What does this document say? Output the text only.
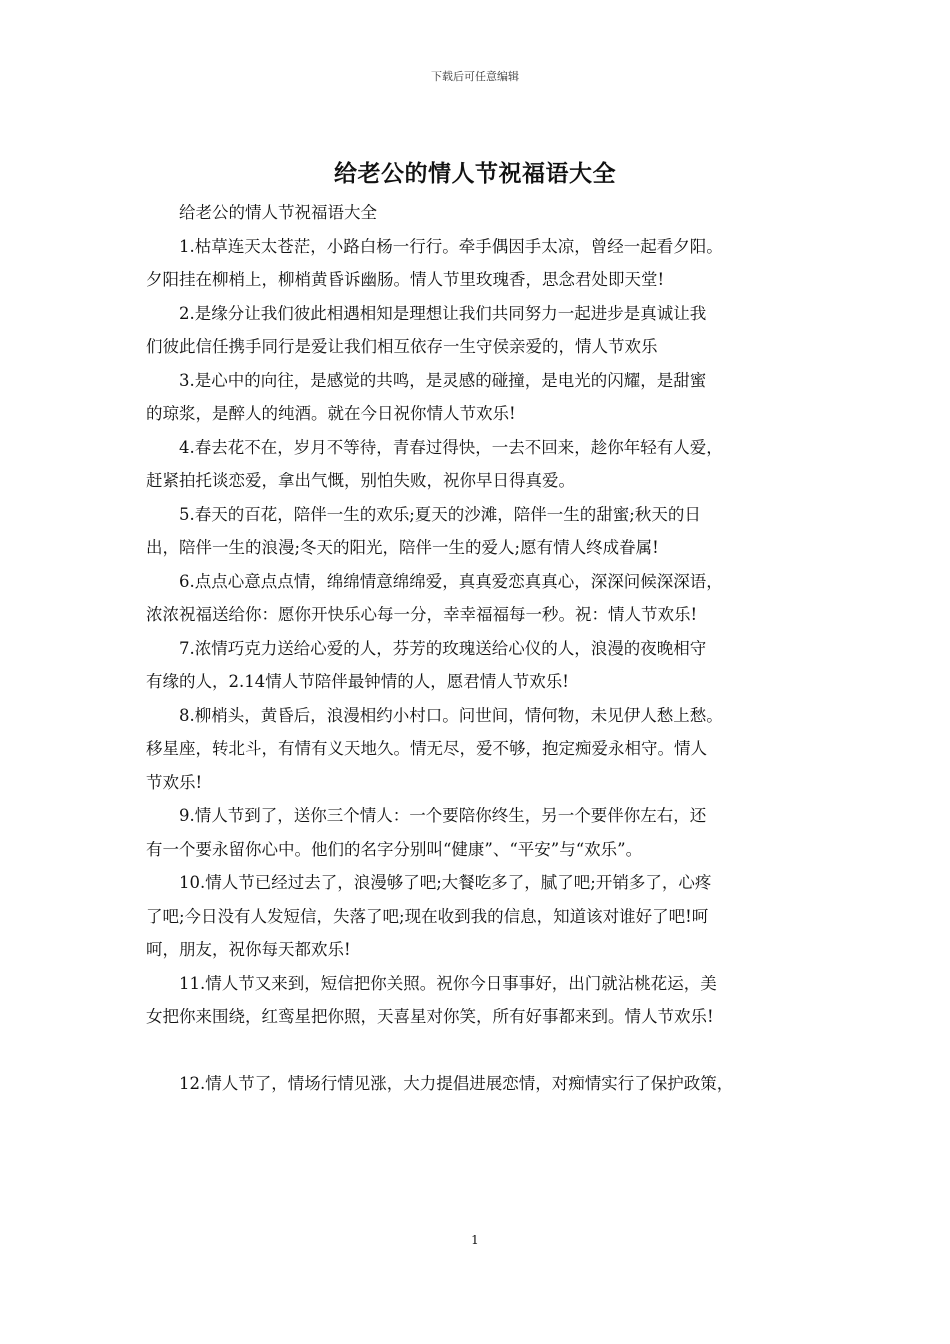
下载后可任意编辑
给老公的情人节祝福语大全

给老公的情人节祝福语大全

1.枯草连天太苍茫，小路白杨一行行。牵手偶因手太凉，曾经一起看夕阳。
夕阳挂在柳梢上，柳梢黄昏诉幽肠。情人节里玫瑰香，思念君处即天堂!

2.是缘分让我们彼此相遇相知是理想让我们共同努力一起进步是真诚让我
们彼此信任携手同行是爱让我们相互依存一生守侯亲爱的，情人节欢乐

3.是心中的向往，是感觉的共鸣，是灵感的碰撞，是电光的闪耀，是甜蜜
的琼浆，是醉人的纯酒。就在今日祝你情人节欢乐!

4.春去花不在，岁月不等待，青春过得快，一去不回来，趁你年轻有人爱，
赶紧拍托谈恋爱，拿出气慨，别怕失败，祝你早日得真爱。

5.春天的百花，陪伴一生的欢乐;夏天的沙滩，陪伴一生的甜蜜;秋天的日
出，陪伴一生的浪漫;冬天的阳光，陪伴一生的爱人;愿有情人终成眷属!

6.点点心意点点情，绵绵情意绵绵爱，真真爱恋真真心，深深问候深深语，
浓浓祝福送给你：愿你开快乐心每一分，幸幸福福每一秒。祝：情人节欢乐!

7.浓情巧克力送给心爱的人，芬芳的玫瑰送给心仪的人，浪漫的夜晚相守
有缘的人，2.14情人节陪伴最钟情的人，愿君情人节欢乐!

8.柳梢头，黄昏后，浪漫相约小村口。问世间，情何物，未见伊人愁上愁。
移星座，转北斗，有情有义天地久。情无尽，爱不够，抱定痴爱永相守。情人
节欢乐!

9.情人节到了，送你三个情人：一个要陪你终生，另一个要伴你左右，还
有一个要永留你心中。他们的名字分别叫“健康”、“平安”与“欢乐”。

10.情人节已经过去了，浪漫够了吧;大餐吃多了，腻了吧;开销多了，心疼
了吧;今日没有人发短信，失落了吧;现在收到我的信息，知道该对谁好了吧!呵
呵，朋友，祝你每天都欢乐!

11.情人节又来到，短信把你关照。祝你今日事事好，出门就沾桃花运，美
女把你来围绕，红鸾星把你照，天喜星对你笑，所有好事都来到。情人节欢乐!

12.情人节了，情场行情见涨，大力提倡进展恋情，对痴情实行了保护政策，

1
